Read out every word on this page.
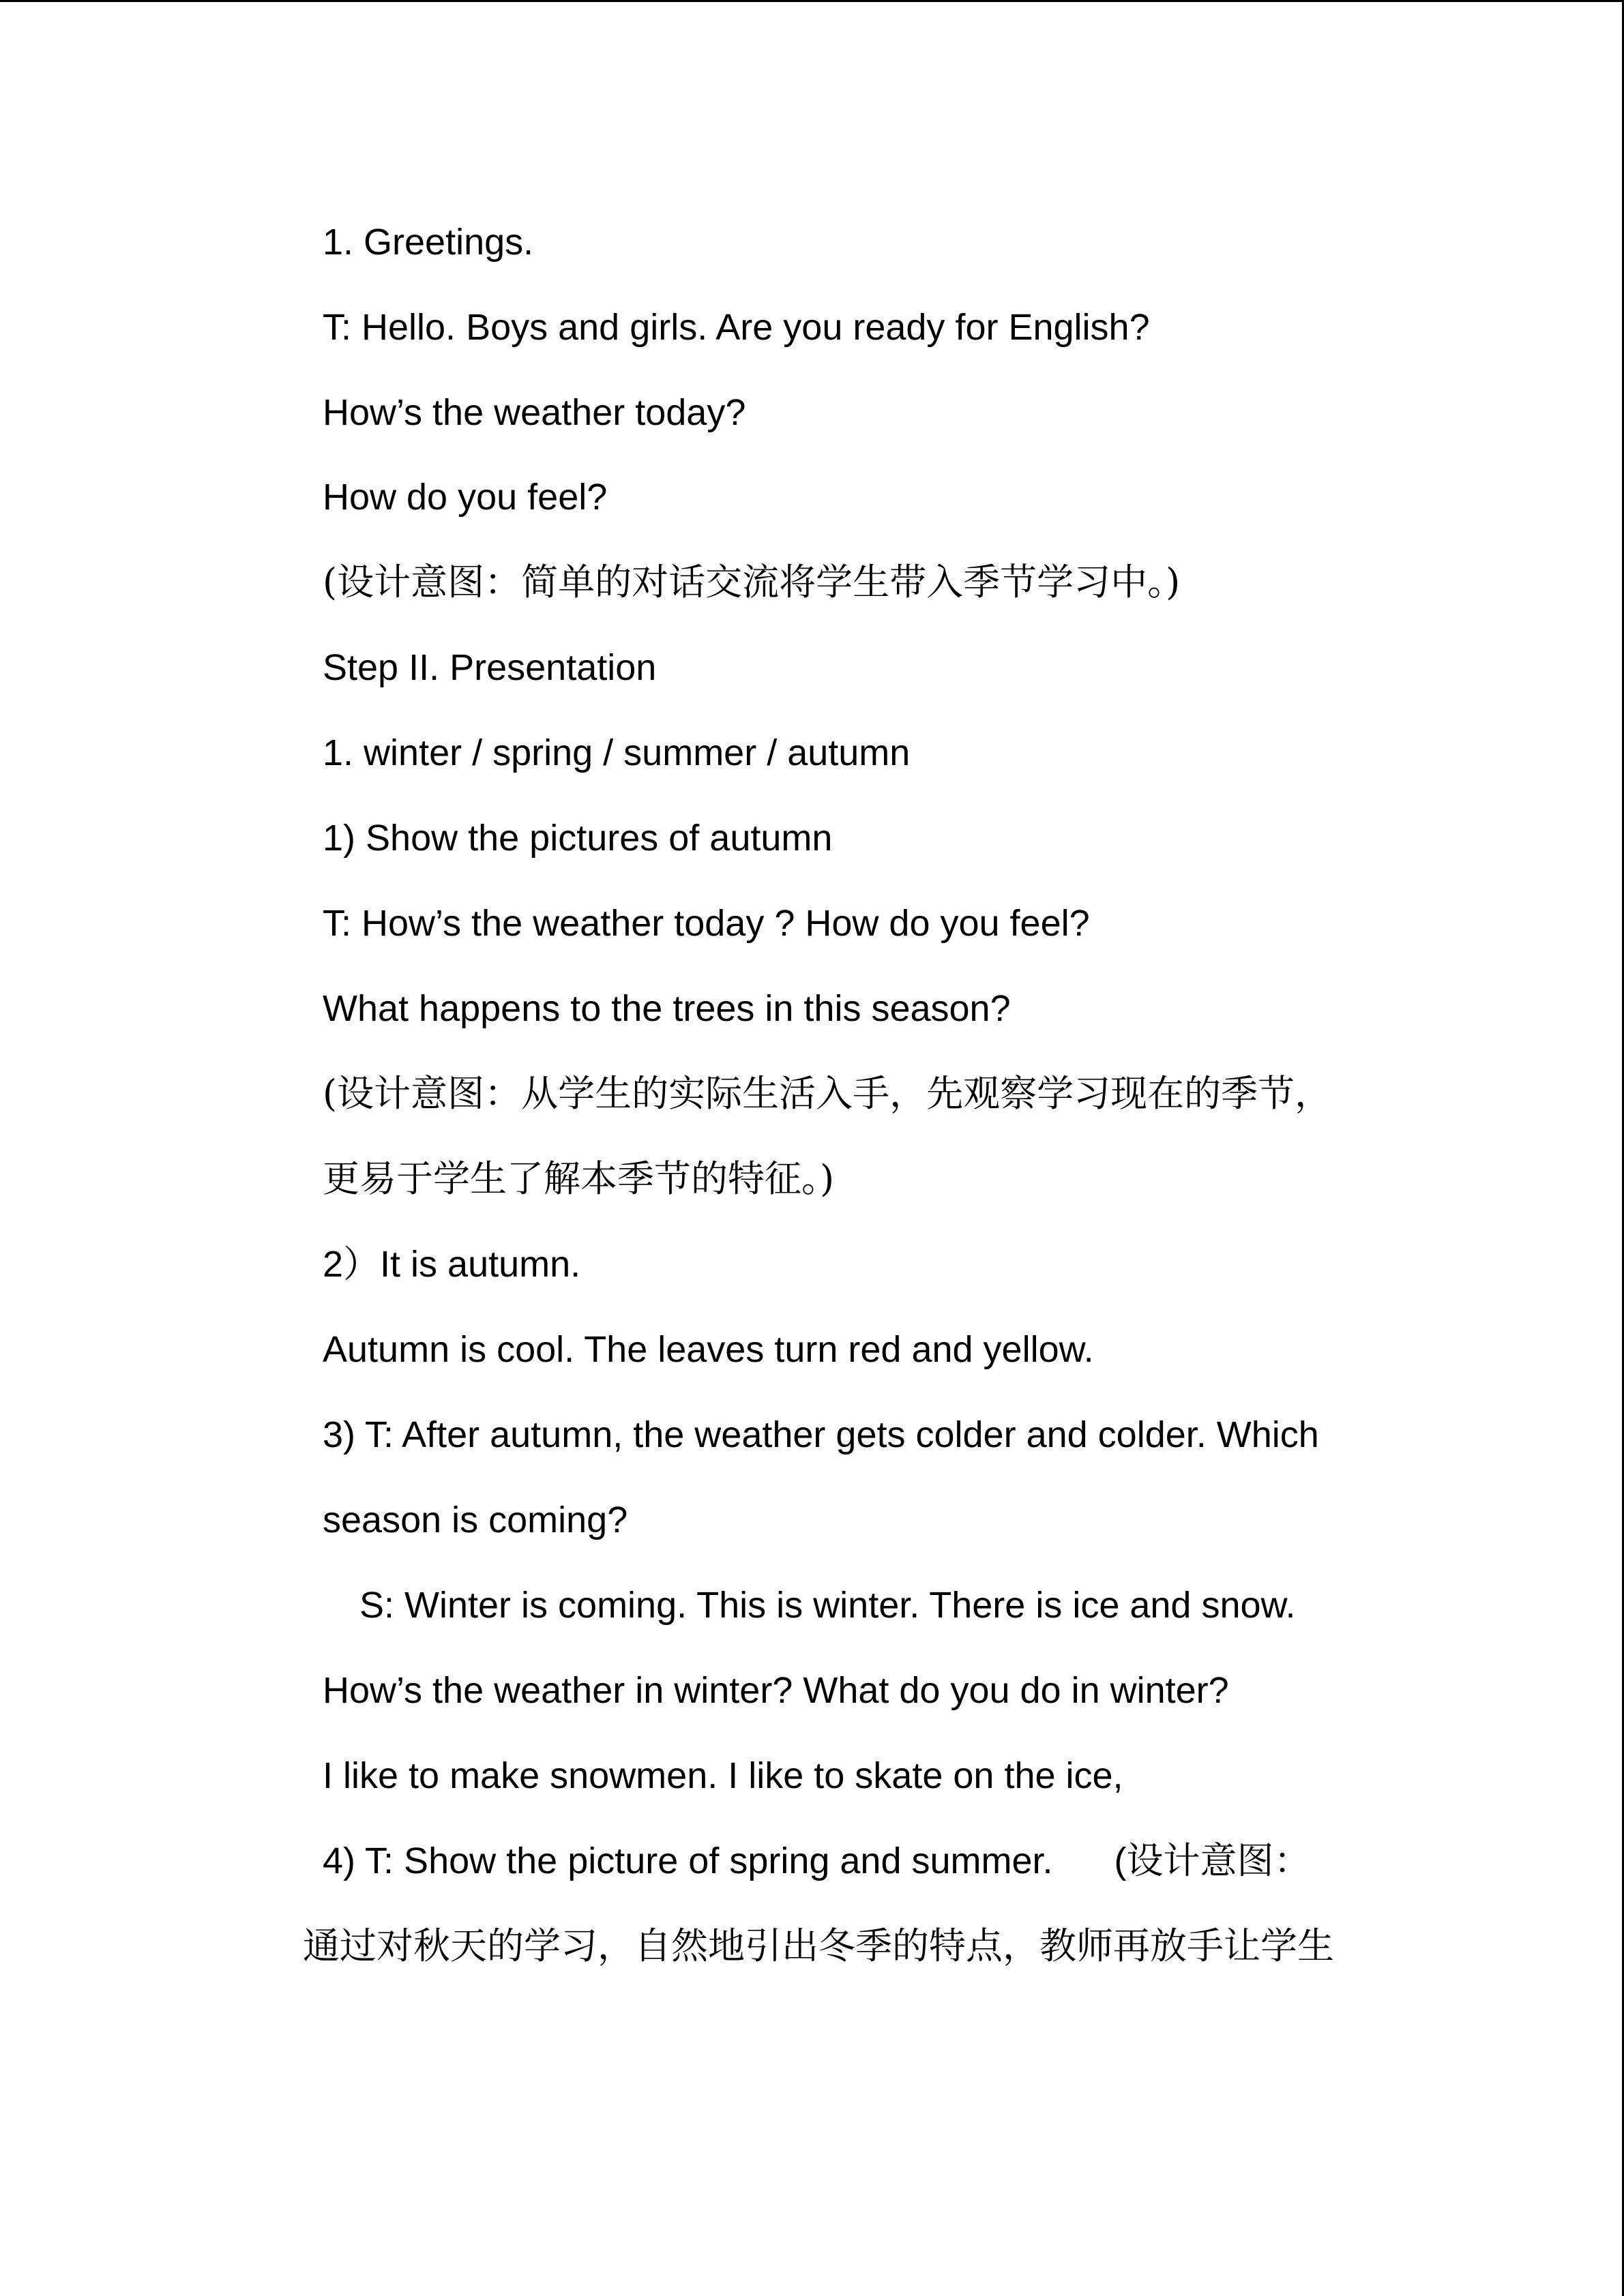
1. Greetings.
T: Hello. Boys and girls. Are you ready for English?
How’s the weather today?
How do you feel?
(设计意图：简单的对话交流将学生带入季节学习中。)
Step II. Presentation
1. winter / spring / summer / autumn
1) Show the pictures of autumn
T: How’s the weather today ? How do you feel?
What happens to the trees in this season?
(设计意图：从学生的实际生活入手，先观察学习现在的季节，
更易于学生了解本季节的特征。)
2）It is autumn.
Autumn is cool. The leaves turn red and yellow.
3) T: After autumn, the weather gets colder and colder. Which
season is coming?
S: Winter is coming. This is winter. There is ice and snow.
How’s the weather in winter? What do you do in winter?
I like to make snowmen. I like to skate on the ice,
4) T: Show the picture of spring and summer.      (设计意图：
通过对秋天的学习，自然地引出冬季的特点，教师再放手让学生
